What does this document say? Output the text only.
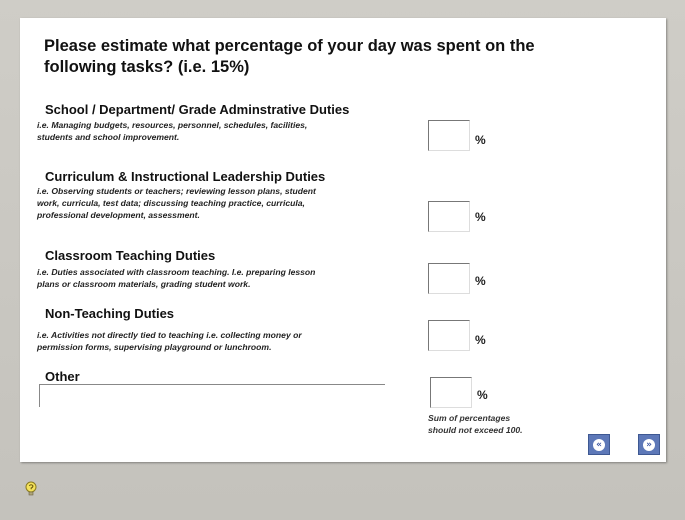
Please estimate what percentage of your day was spent on the following tasks? (i.e. 15%)
School / Department/ Grade Adminstrative Duties
i.e. Managing budgets, resources, personnel, schedules, facilities,
students and school improvement.	%
Curriculum & Instructional Leadership Duties
i.e. Observing students or teachers; reviewing lesson plans, student
work, curricula, test data; discussing teaching practice, curricula,
professional development, assessment.	%
Classroom Teaching Duties
i.e. Duties associated with classroom teaching. I.e. preparing lesson
plans or classroom materials, grading student work.	%
Non-Teaching Duties
i.e. Activities not directly tied to teaching i.e. collecting money or
permission forms, supervising playground or lunchroom.	%
Other
%
Sum of percentages
should not exceed 100.
«	»
